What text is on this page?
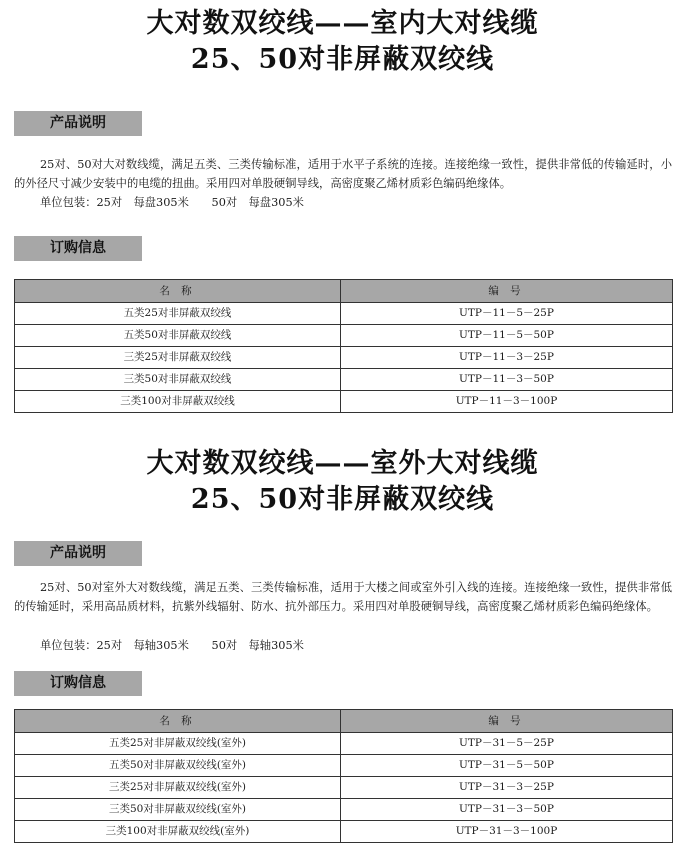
大对数双绞线——室内大对线缆
25、50对非屏蔽双绞线
产品说明

25对、50对大对数线缆，满足五类、三类传输标准，适用于水平子系统的连接。连接绝缘一致性，提供非常低的传输延时，小的外径尺寸减少安装中的电缆的扭曲。采用四对单股硬铜导线，高密度聚乙烯材质彩色编码绝缘体。

单位包装：25对　每盘305米　　50对　每盘305米
订购信息
名 称	编 号
五类25对非屏蔽双绞线	UTP－11－5－25P
五类50对非屏蔽双绞线	UTP－11－5－50P
三类25对非屏蔽双绞线	UTP－11－3－25P
三类50对非屏蔽双绞线	UTP－11－3－50P
三类100对非屏蔽双绞线	UTP－11－3－100P
大对数双绞线——室外大对线缆
25、50对非屏蔽双绞线
产品说明

25对、50对室外大对数线缆，满足五类、三类传输标准，适用于大楼之间或室外引入线的连接。连接绝缘一致性，提供非常低的传输延时，采用高品质材料，抗紫外线辐射、防水、抗外部压力。采用四对单股硬铜导线，高密度聚乙烯材质彩色编码绝缘体。

单位包装：25对　每轴305米　　50对　每轴305米
订购信息
名 称	编 号
五类25对非屏蔽双绞线(室外)	UTP－31－5－25P
五类50对非屏蔽双绞线(室外)	UTP－31－5－50P
三类25对非屏蔽双绞线(室外)	UTP－31－3－25P
三类50对非屏蔽双绞线(室外)	UTP－31－3－50P
三类100对非屏蔽双绞线(室外)	UTP－31－3－100P
